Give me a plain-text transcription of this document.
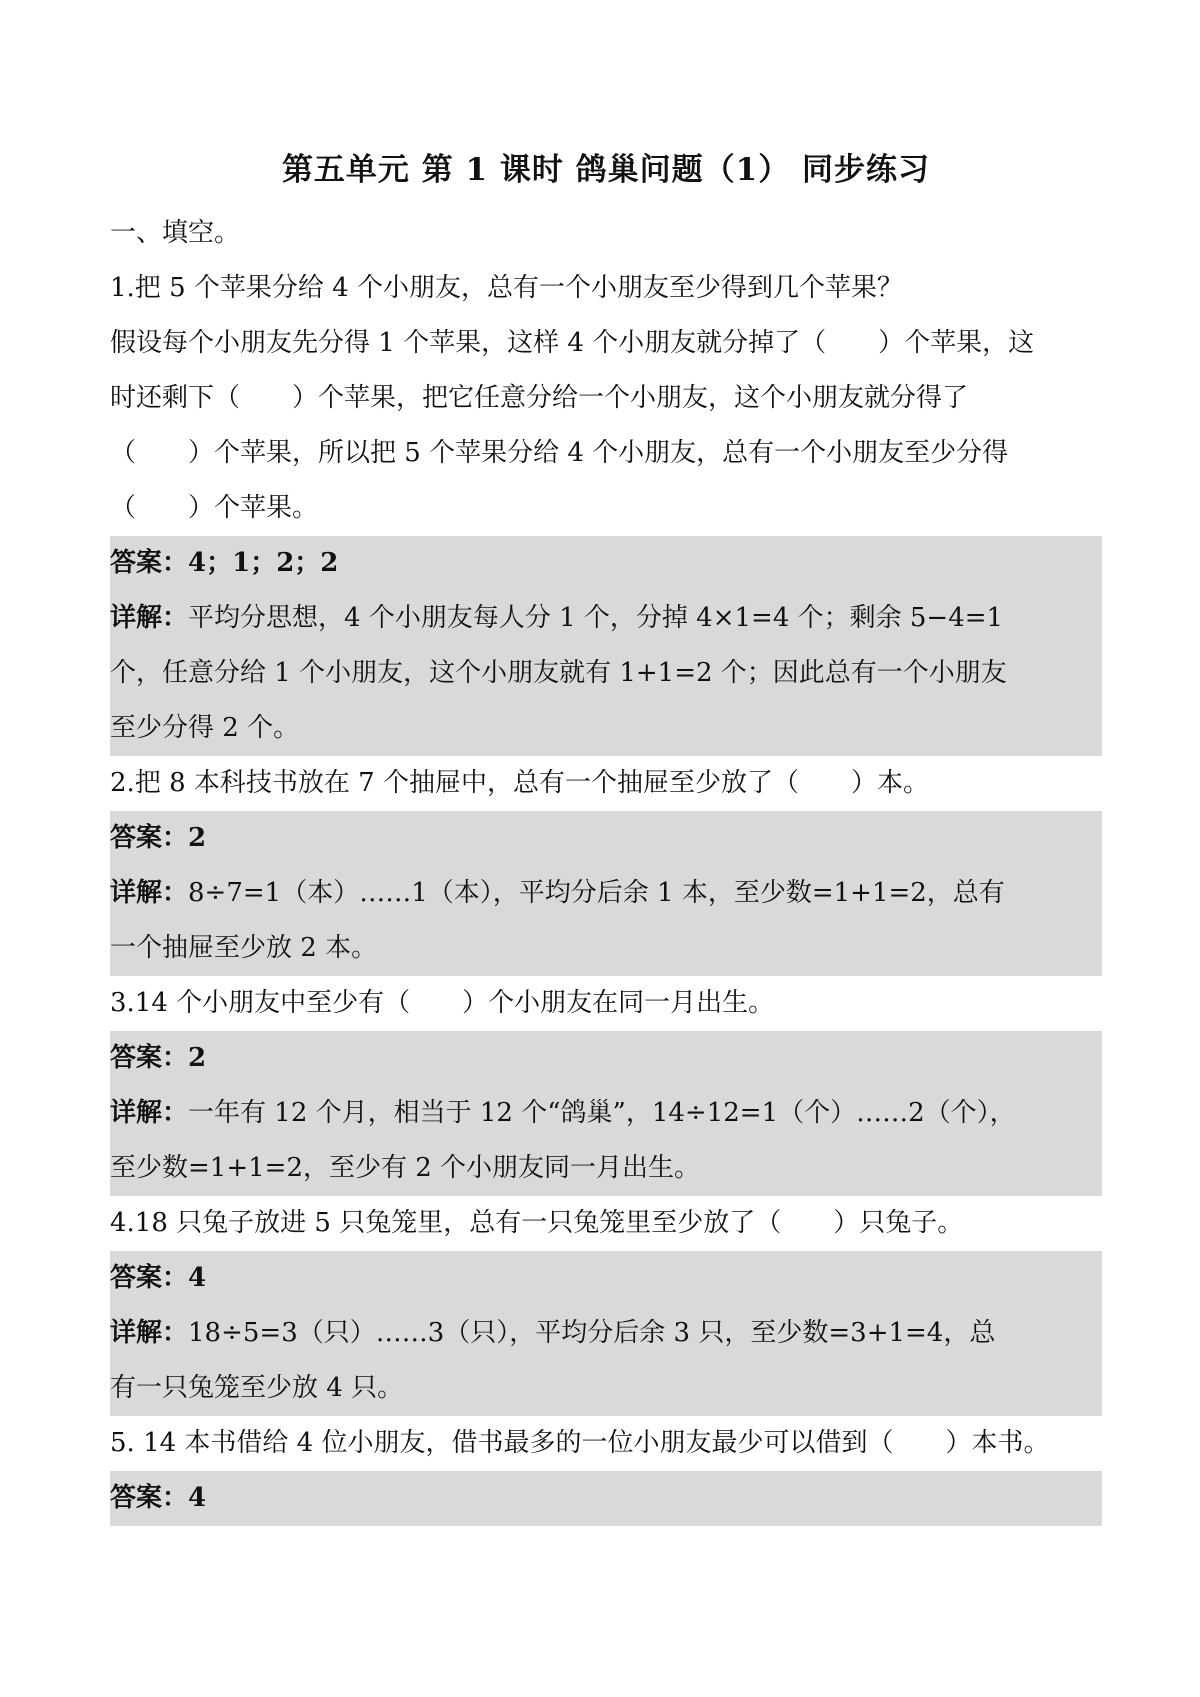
第五单元 第 1 课时 鸽巢问题（1） 同步练习
一、填空。
1.把 5 个苹果分给 4 个小朋友，总有一个小朋友至少得到几个苹果？
假设每个小朋友先分得 1 个苹果，这样 4 个小朋友就分掉了（　　）个苹果，这
时还剩下（　　）个苹果，把它任意分给一个小朋友，这个小朋友就分得了
（　　）个苹果，所以把 5 个苹果分给 4 个小朋友，总有一个小朋友至少分得
（　　）个苹果。
答案：4；1；2；2
详解：平均分思想，4 个小朋友每人分 1 个，分掉 4×1=4 个；剩余 5−4=1
个，任意分给 1 个小朋友，这个小朋友就有 1+1=2 个；因此总有一个小朋友
至少分得 2 个。
2.把 8 本科技书放在 7 个抽屉中，总有一个抽屉至少放了（　　）本。
答案：2
详解：8÷7=1（本）……1（本），平均分后余 1 本，至少数=1+1=2，总有
一个抽屉至少放 2 本。
3.14 个小朋友中至少有（　　）个小朋友在同一月出生。
答案：2
详解：一年有 12 个月，相当于 12 个“鸽巢”，14÷12=1（个）……2（个），
至少数=1+1=2，至少有 2 个小朋友同一月出生。
4.18 只兔子放进 5 只兔笼里，总有一只兔笼里至少放了（　　）只兔子。
答案：4
详解：18÷5=3（只）……3（只），平均分后余 3 只，至少数=3+1=4，总
有一只兔笼至少放 4 只。
5. 14 本书借给 4 位小朋友，借书最多的一位小朋友最少可以借到（　　）本书。
答案：4
